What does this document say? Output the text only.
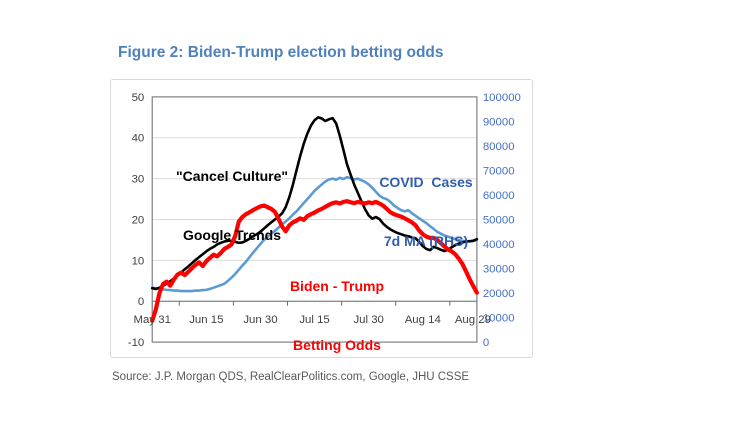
Figure 2: Biden-Trump election betting odds
50
40
30
20
10
0
-10
100000
90000
80000
70000
60000
50000
40000
30000
20000
10000
0
May 31 Jun 15 Jun 30 Jul 15 Jul 30 Aug 14 Aug 29

"Cancel Culture"

Google Trends

COVID  Cases

7d MA (RHS)

Biden - Trump

Betting Odds

Source: J.P. Morgan QDS, RealClearPolitics.com, Google, JHU CSSE
